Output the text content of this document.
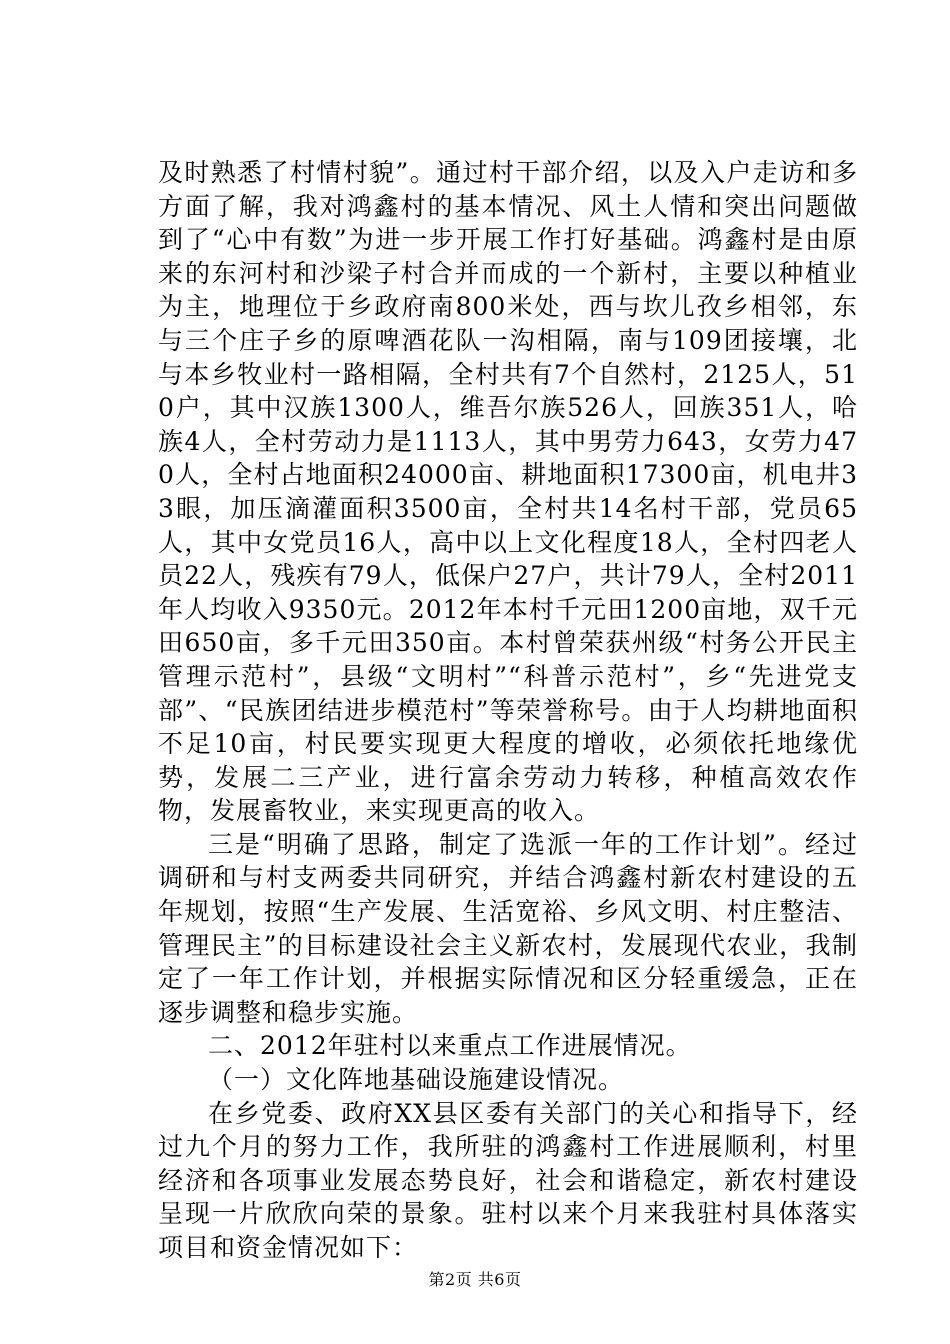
及时熟悉了村情村貌”。通过村干部介绍，以及入户走访和多方面了解，我对鸿鑫村的基本情况、风土人情和突出问题做到了“心中有数”为进一步开展工作打好基础。鸿鑫村是由原来的东河村和沙梁子村合并而成的一个新村，主要以种植业为主，地理位于乡政府南800米处，西与坎儿孜乡相邻，东与三个庄子乡的原啤酒花队一沟相隔，南与109团接壤，北与本乡牧业村一路相隔，全村共有7个自然村，2125人，510户，其中汉族1300人，维吾尔族526人，回族351人，哈族4人，全村劳动力是1113人，其中男劳力643，女劳力470人，全村占地面积24000亩、耕地面积17300亩，机电井33眼，加压滴灌面积3500亩，全村共14名村干部，党员65人，其中女党员16人，高中以上文化程度18人，全村四老人员22人，残疾有79人，低保户27户，共计79人，全村2011年人均收入9350元。2012年本村千元田1200亩地，双千元田650亩，多千元田350亩。本村曾荣获州级“村务公开民主管理示范村”，县级“文明村”“科普示范村”，乡“先进党支部”、“民族团结进步模范村”等荣誉称号。由于人均耕地面积不足10亩，村民要实现更大程度的增收，必须依托地缘优势，发展二三产业，进行富余劳动力转移，种植高效农作物，发展畜牧业，来实现更高的收入。

三是“明确了思路，制定了选派一年的工作计划”。经过调研和与村支两委共同研究，并结合鸿鑫村新农村建设的五年规划，按照“生产发展、生活宽裕、乡风文明、村庄整洁、管理民主”的目标建设社会主义新农村，发展现代农业，我制定了一年工作计划，并根据实际情况和区分轻重缓急，正在逐步调整和稳步实施。

二、2012年驻村以来重点工作进展情况。

（一）文化阵地基础设施建设情况。

在乡党委、政府XX县区委有关部门的关心和指导下，经过九个月的努力工作，我所驻的鸿鑫村工作进展顺利，村里经济和各项事业发展态势良好，社会和谐稳定，新农村建设呈现一片欣欣向荣的景象。驻村以来个月来我驻村具体落实项目和资金情况如下：

第2页 共6页
